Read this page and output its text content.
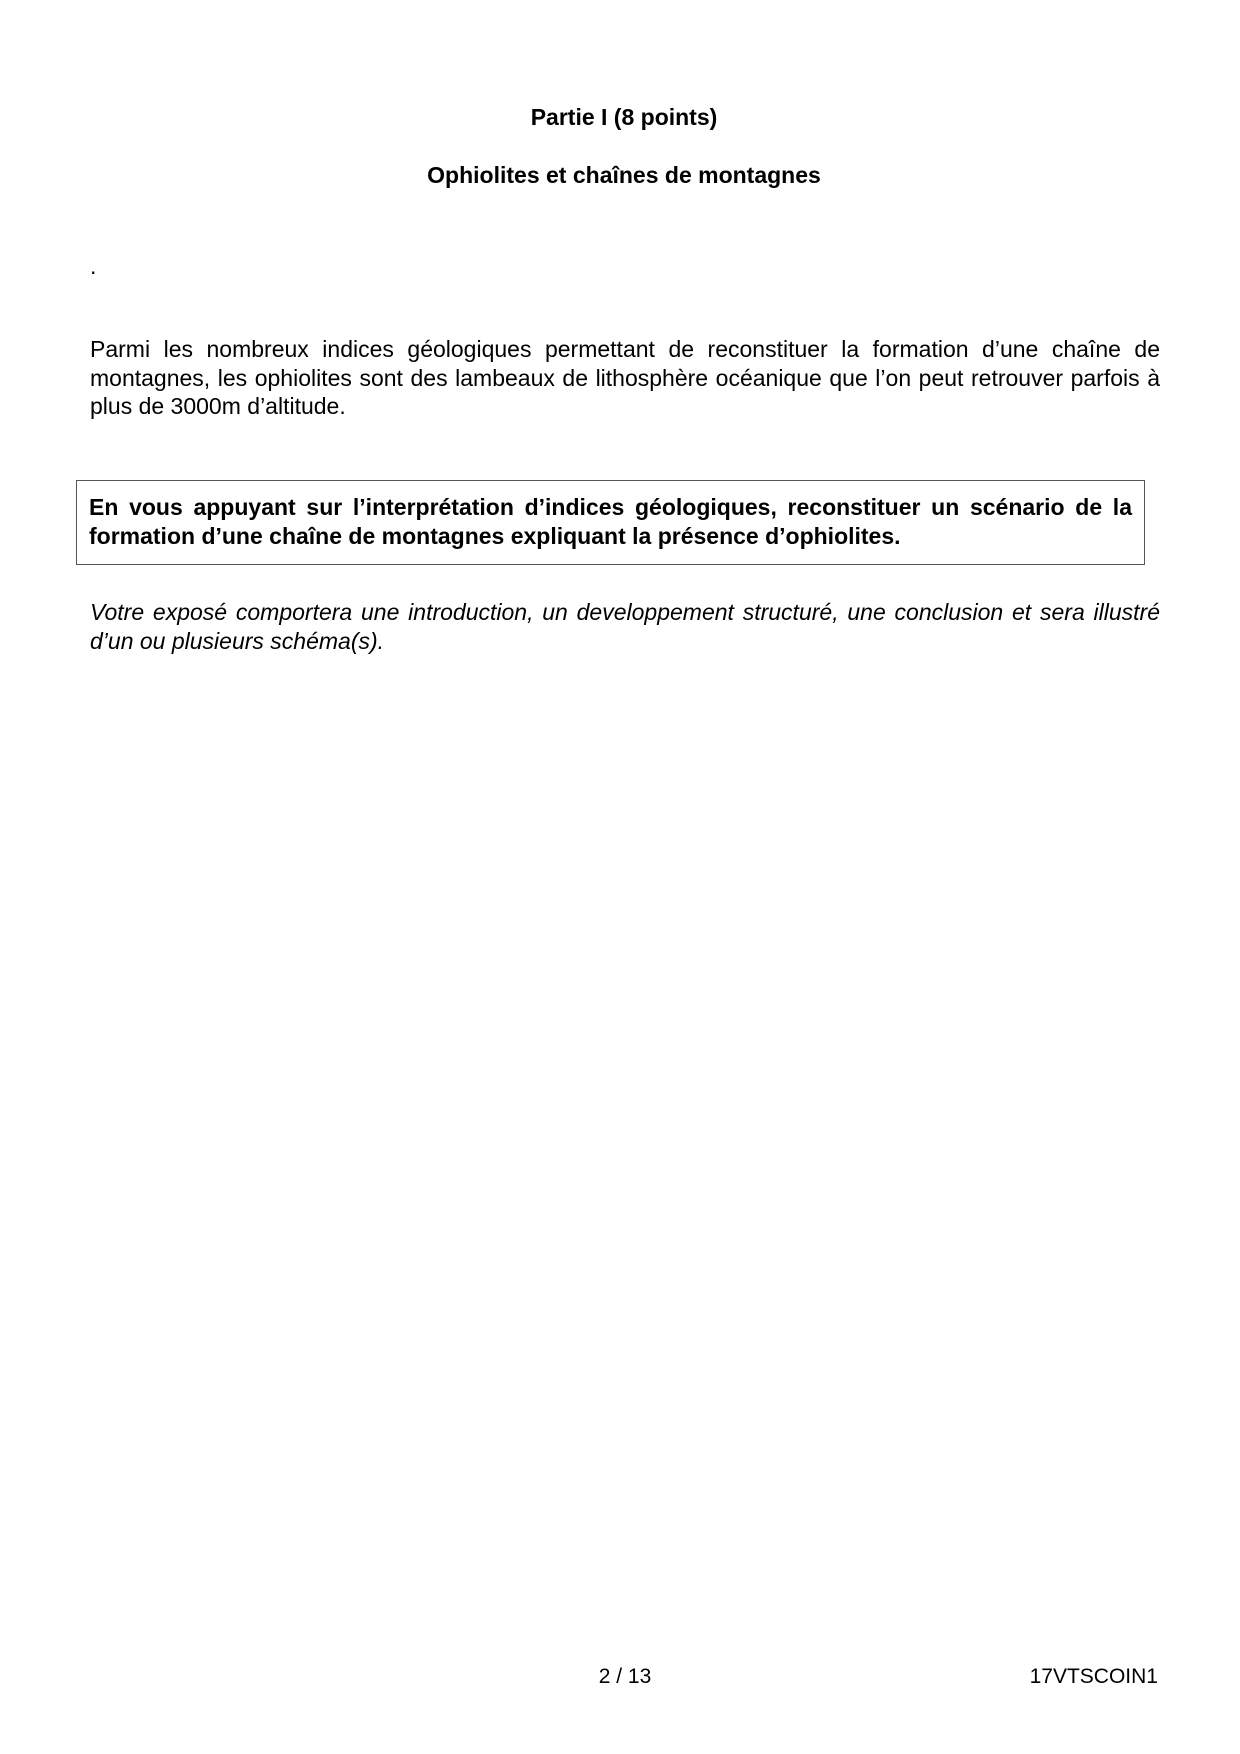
Partie I (8 points)
Ophiolites et chaînes de montagnes
.

Parmi les nombreux indices géologiques permettant de reconstituer la formation d’une chaîne de montagnes, les ophiolites sont des lambeaux de lithosphère océanique que l’on peut retrouver parfois à plus de 3000m d’altitude.

En vous appuyant sur l’interprétation d’indices géologiques, reconstituer un scénario de la formation d’une chaîne de montagnes expliquant la présence d’ophiolites.

Votre exposé comportera une introduction, un developpement structuré, une conclusion et sera illustré d’un ou plusieurs schéma(s).

2 / 13	17VTSCOIN1
